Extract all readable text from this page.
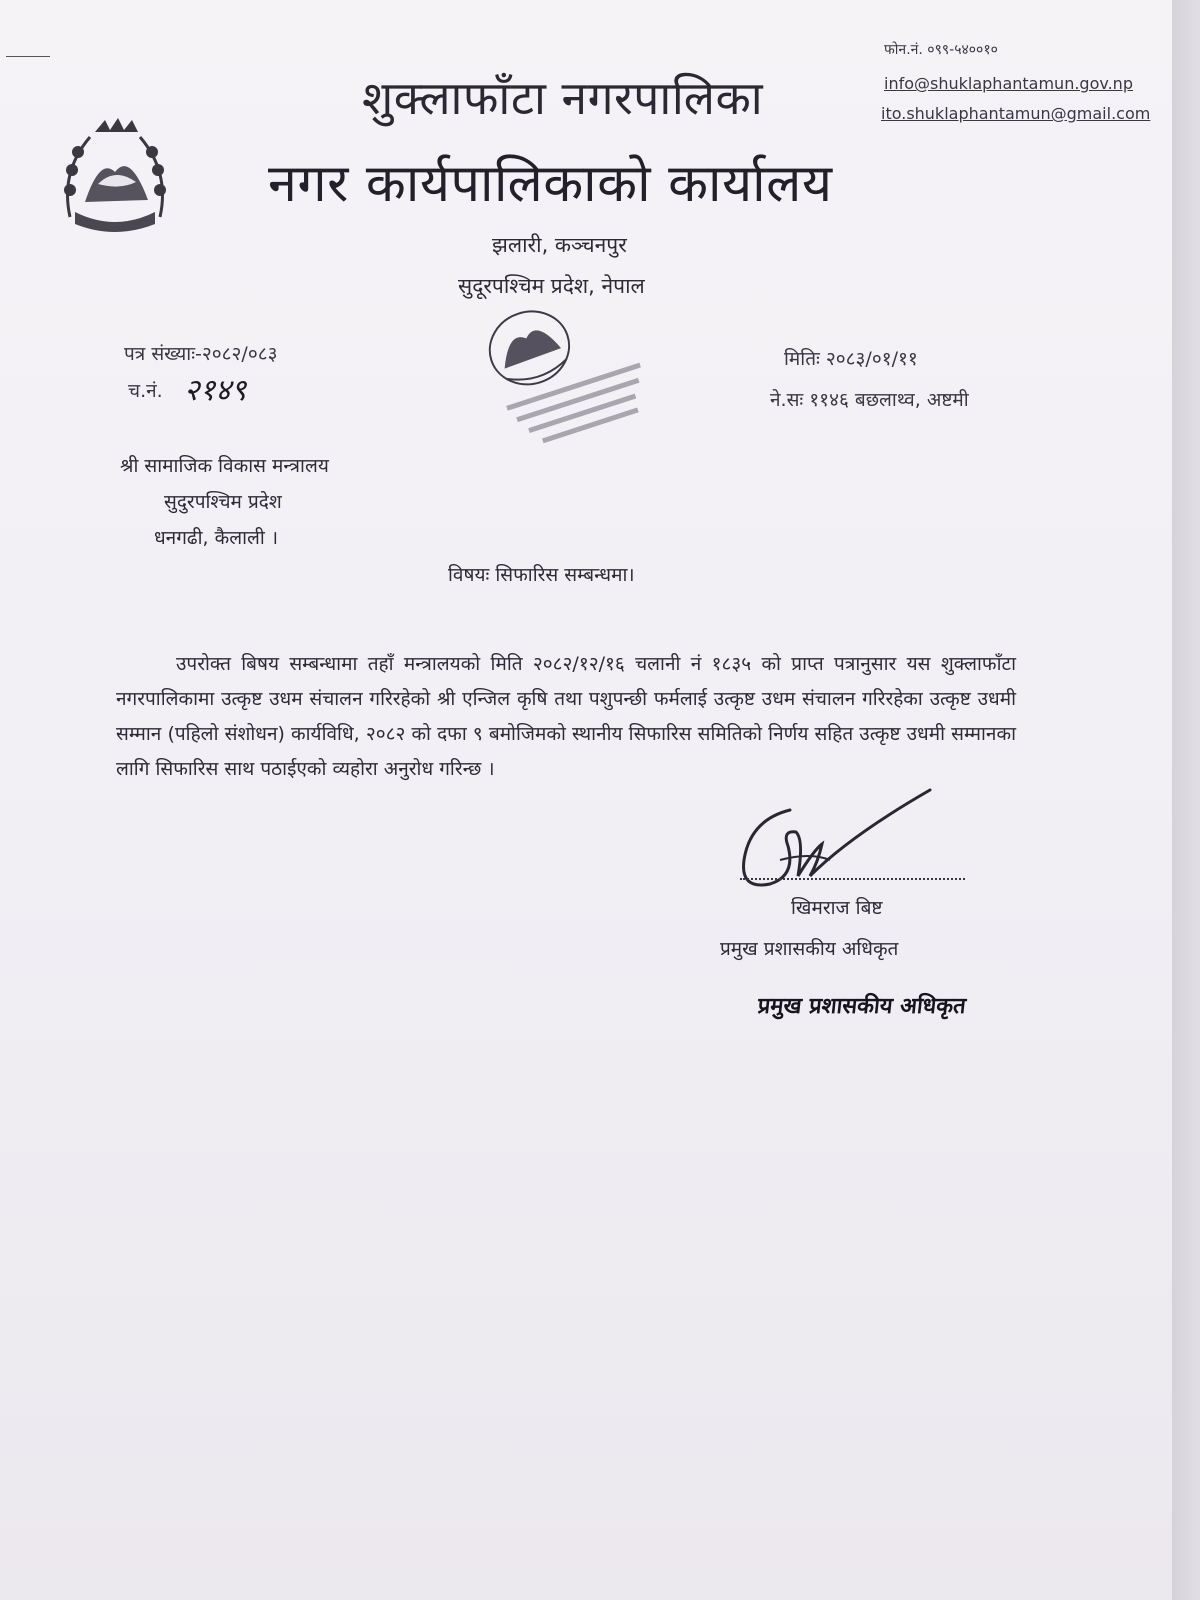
शुक्लाफाँटा नगरपालिका
नगर कार्यपालिकाको कार्यालय
झलारी, कञ्चनपुर
सुदूरपश्चिम प्रदेश, नेपाल
फोन.नं. ०९९-५४००१०
info@shuklaphantamun.gov.np
ito.shuklaphantamun@gmail.com
पत्र संख्याः-२०८२/०८३
च.नं. २१४९
मितिः २०८३/०१/११
ने.सः ११४६ बछलाथ्व, अष्टमी
श्री सामाजिक विकास मन्त्रालय
सुदुरपश्चिम प्रदेश
धनगढी, कैलाली ।
विषयः सिफारिस सम्बन्धमा।
उपरोक्त बिषय सम्बन्धामा तहाँ मन्त्रालयको मिति २०८२/१२/१६ चलानी नं १८३५ को प्राप्त पत्रानुसार यस शुक्लाफाँटा नगरपालिकामा उत्कृष्ट उधम संचालन गरिरहेको श्री एन्जिल कृषि तथा पशुपन्छी फर्मलाई उत्कृष्ट उधम संचालन गरिरहेका उत्कृष्ट उधमी सम्मान (पहिलो संशोधन) कार्यविधि, २०८२ को दफा ९ बमोजिमको स्थानीय सिफारिस समितिको निर्णय सहित उत्कृष्ट उधमी सम्मानका लागि सिफारिस साथ पठाईएको व्यहोरा अनुरोध गरिन्छ ।
खिमराज बिष्ट
प्रमुख प्रशासकीय अधिकृत
प्रमुख प्रशासकीय अधिकृत
